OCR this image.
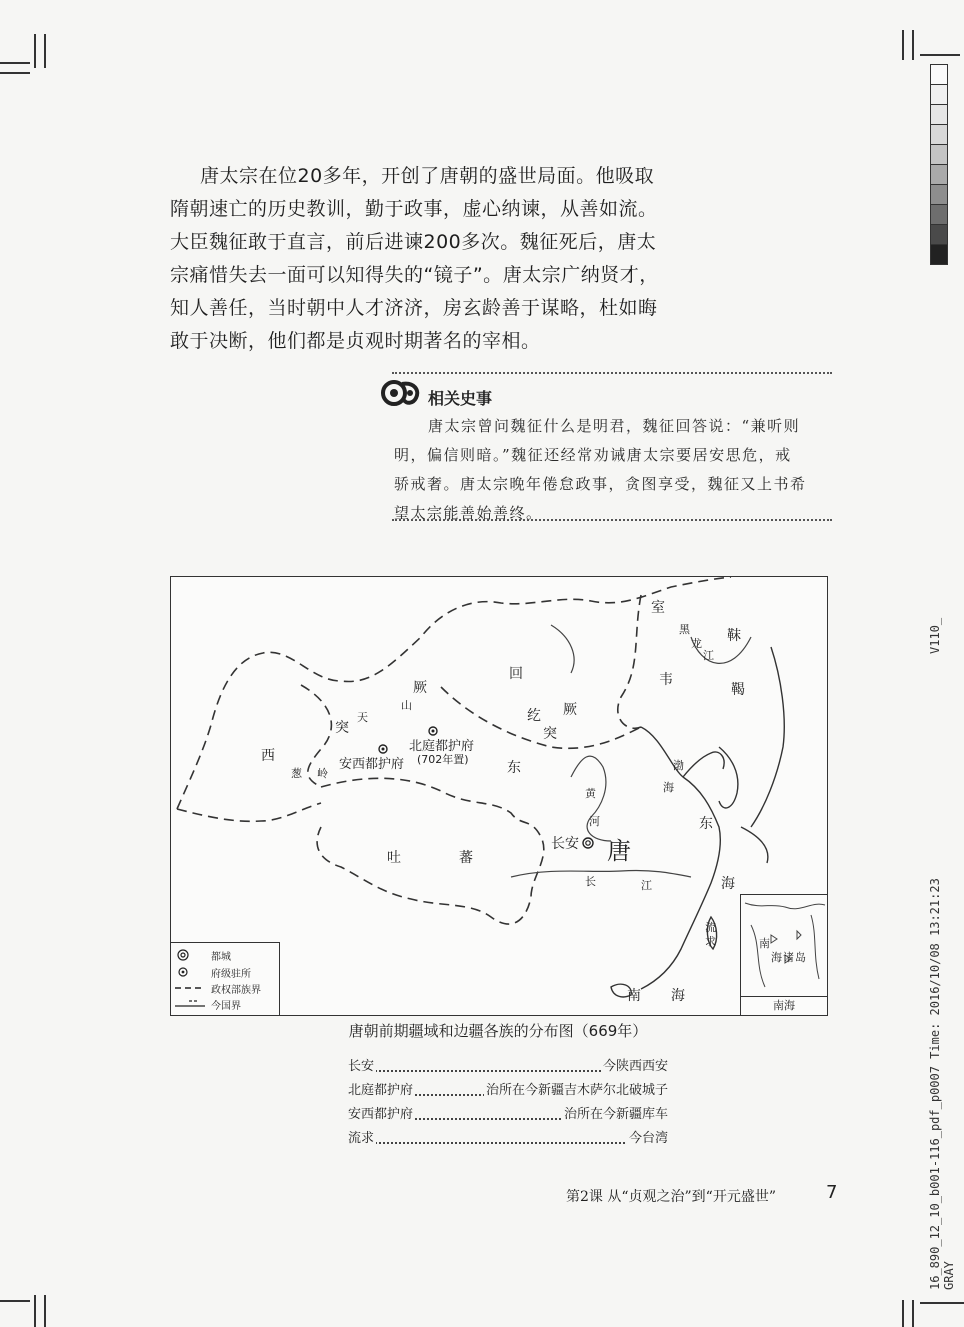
V110_
16_890_12_10_b001-116_pdf_p0007 Time: 2016/10/08 13:21:23 GRAY
唐太宗在位20多年，开创了唐朝的盛世局面。他吸取
隋朝速亡的历史教训，勤于政事，虚心纳谏，从善如流。
大臣魏征敢于直言，前后进谏200多次。魏征死后，唐太
宗痛惜失去一面可以知得失的“镜子”。唐太宗广纳贤才，
知人善任，当时朝中人才济济，房玄龄善于谋略，杜如晦
敢于决断，他们都是贞观时期著名的宰相。
相关史事
唐太宗曾问魏征什么是明君，魏征回答说：“兼听则
明，偏信则暗。”魏征还经常劝诫唐太宗要居安思危，戒
骄戒奢。唐太宗晚年倦怠政事，贪图享受，魏征又上书希
望太宗能善始善终。
室
韦
靺
鞨
黑
龙
江
回
纥
西
突
天
山
厥
突
厥
东
北庭都护府
(702年置)
安西都护府
葱 岭
黄
河
长安 唐
吐	蕃
长	江
渤
海
东
海
流
求
南 海
都城
府级驻所
政权部族界
今国界
南
海 诸 岛
南海
唐朝前期疆域和边疆各族的分布图（669年）
长安	今陕西西安
北庭都护府	治所在今新疆吉木萨尔北破城子
安西都护府	治所在今新疆库车
流求	今台湾
第2课 从“贞观之治”到“开元盛世”	7
